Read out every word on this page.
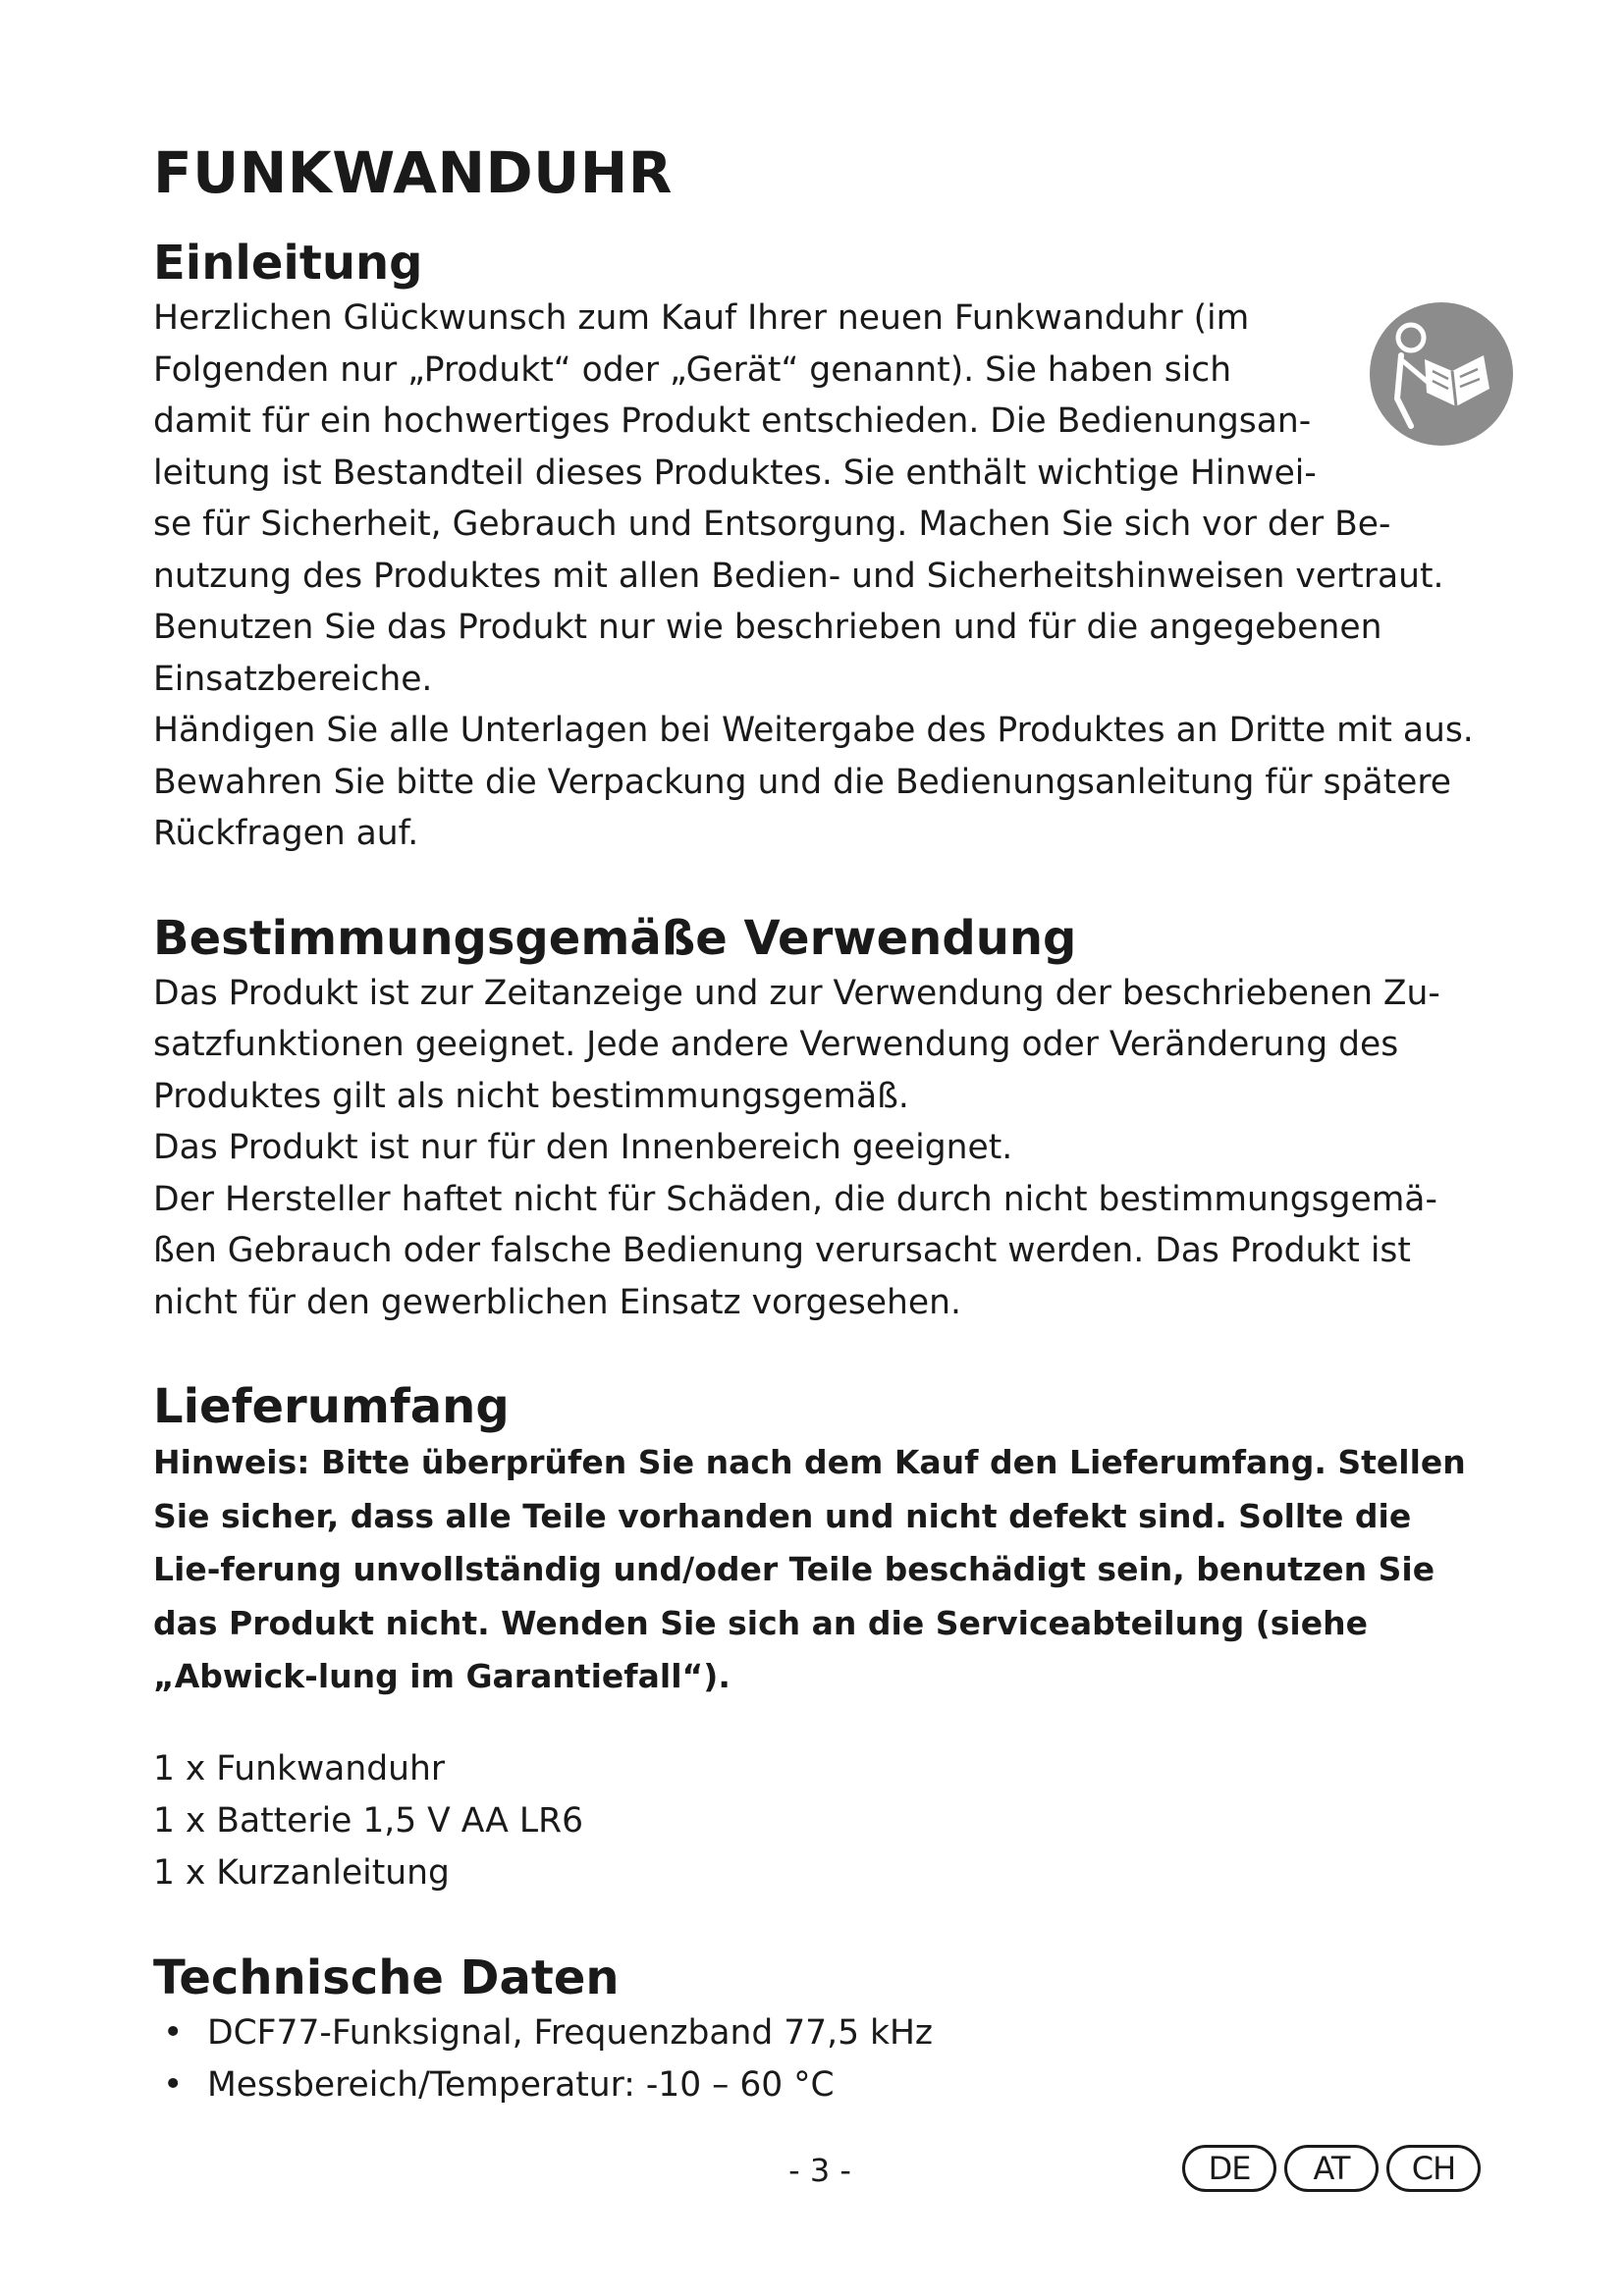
FUNKWANDUHR
Einleitung

Herzlichen Glückwunsch zum Kauf Ihrer neuen Funkwanduhr (im

Folgenden nur „Produkt“ oder „Gerät“ genannt). Sie haben sich

damit für ein hochwertiges Produkt entschieden. Die Bedienungsan-

leitung ist Bestandteil dieses Produktes. Sie enthält wichtige Hinwei-

se für Sicherheit, Gebrauch und Entsorgung. Machen Sie sich vor der Be-nutzung des Produktes mit allen Bedien- und Sicherheitshinweisen vertraut. Benutzen Sie das Produkt nur wie beschrieben und für die angegebenen Einsatzbereiche.

Händigen Sie alle Unterlagen bei Weitergabe des Produktes an Dritte mit aus. Bewahren Sie bitte die Verpackung und die Bedienungsanleitung für spätere Rückfragen auf.

Bestimmungsgemäße Verwendung

Das Produkt ist zur Zeitanzeige und zur Verwendung der beschriebenen Zu-satzfunktionen geeignet. Jede andere Verwendung oder Veränderung des Produktes gilt als nicht bestimmungsgemäß.

Das Produkt ist nur für den Innenbereich geeignet.

Der Hersteller haftet nicht für Schäden, die durch nicht bestimmungsgemä-ßen Gebrauch oder falsche Bedienung verursacht werden. Das Produkt ist nicht für den gewerblichen Einsatz vorgesehen.

Lieferumfang

Hinweis: Bitte überprüfen Sie nach dem Kauf den Lieferumfang. Stellen Sie sicher, dass alle Teile vorhanden und nicht defekt sind. Sollte die Lie-ferung unvollständig und/oder Teile beschädigt sein, benutzen Sie das Produkt nicht. Wenden Sie sich an die Serviceabteilung (siehe „Abwick-lung im Garantiefall“).

1 x Funkwanduhr
1 x Batterie 1,5 V AA LR6
1 x Kurzanleitung
Technische Daten
• DCF77-Funksignal, Frequenzband 77,5 kHz
• Messbereich/Temperatur: -10 – 60 °C
- 3 -	DE	AT	CH
